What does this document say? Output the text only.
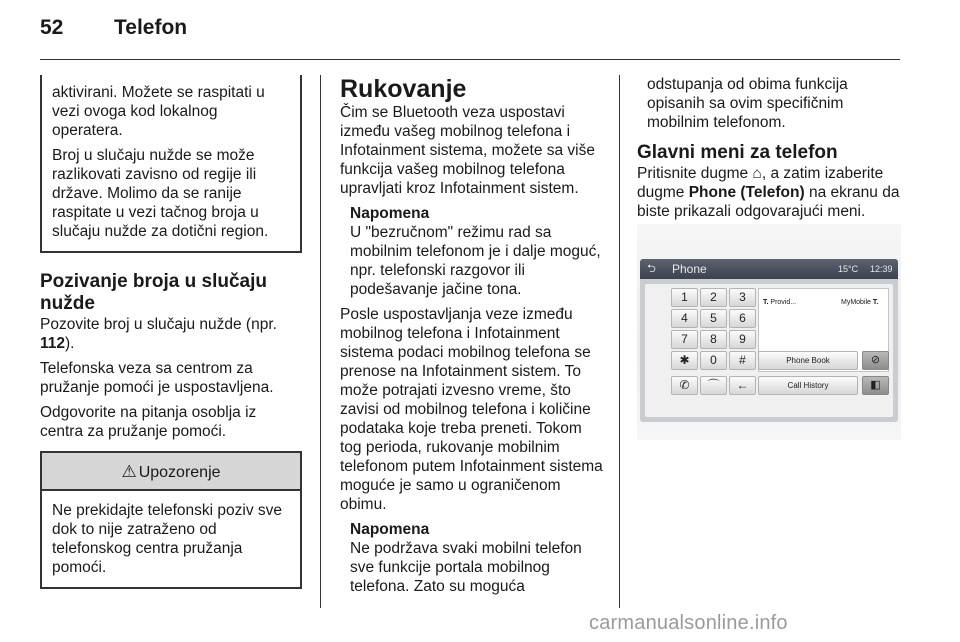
52 Telefon

aktivirani. Možete se raspitati u vezi ovoga kod lokalnog operatera.

Broj u slučaju nužde se može razlikovati zavisno od regije ili države. Molimo da se ranije raspitate u vezi tačnog broja u slučaju nužde za dotični region.

Pozivanje broja u slučaju nužde

Pozovite broj u slučaju nužde (npr. 112).

Telefonska veza sa centrom za pružanje pomoći je uspostavljena.

Odgovorite na pitanja osoblja iz centra za pružanje pomoći.

⚠ Upozorenje
Ne prekidajte telefonski poziv sve dok to nije zatraženo od telefonskog centra pružanja pomoći.
Rukovanje

Čim se Bluetooth veza uspostavi između vašeg mobilnog telefona i Infotainment sistema, možete sa više funkcija vašeg mobilnog telefona upravljati kroz Infotainment sistem.

Napomena
U "bezručnom" režimu rad sa mobilnim telefonom je i dalje moguć, npr. telefonski razgovor ili podešavanje jačine tona.

Posle uspostavljanja veze između mobilnog telefona i Infotainment sistema podaci mobilnog telefona se prenose na Infotainment sistem. To može potrajati izvesno vreme, što zavisi od mobilnog telefona i količine podataka koje treba preneti. Tokom tog perioda, rukovanje mobilnim telefonom putem Infotainment sistema moguće je samo u ograničenom obimu.

Napomena
Ne podržava svaki mobilni telefon sve funkcije portala mobilnog telefona. Zato su moguća
odstupanja od obima funkcija opisanih sa ovim specifičnim mobilnim telefonom.
Glavni meni za telefon

Pritisnite dugme ⌂, a zatim izaberite dugme Phone (Telefon) na ekranu da biste prikazali odgovarajući meni.

⮌ Phone	15°C 12:39
1	2	3
4	5	6
7	8	9
✱	0	#
✆	⌒	←
T. Provid...	MyMobile T.
Phone Book	⊘
Call History	◧
carmanualsonline.info
